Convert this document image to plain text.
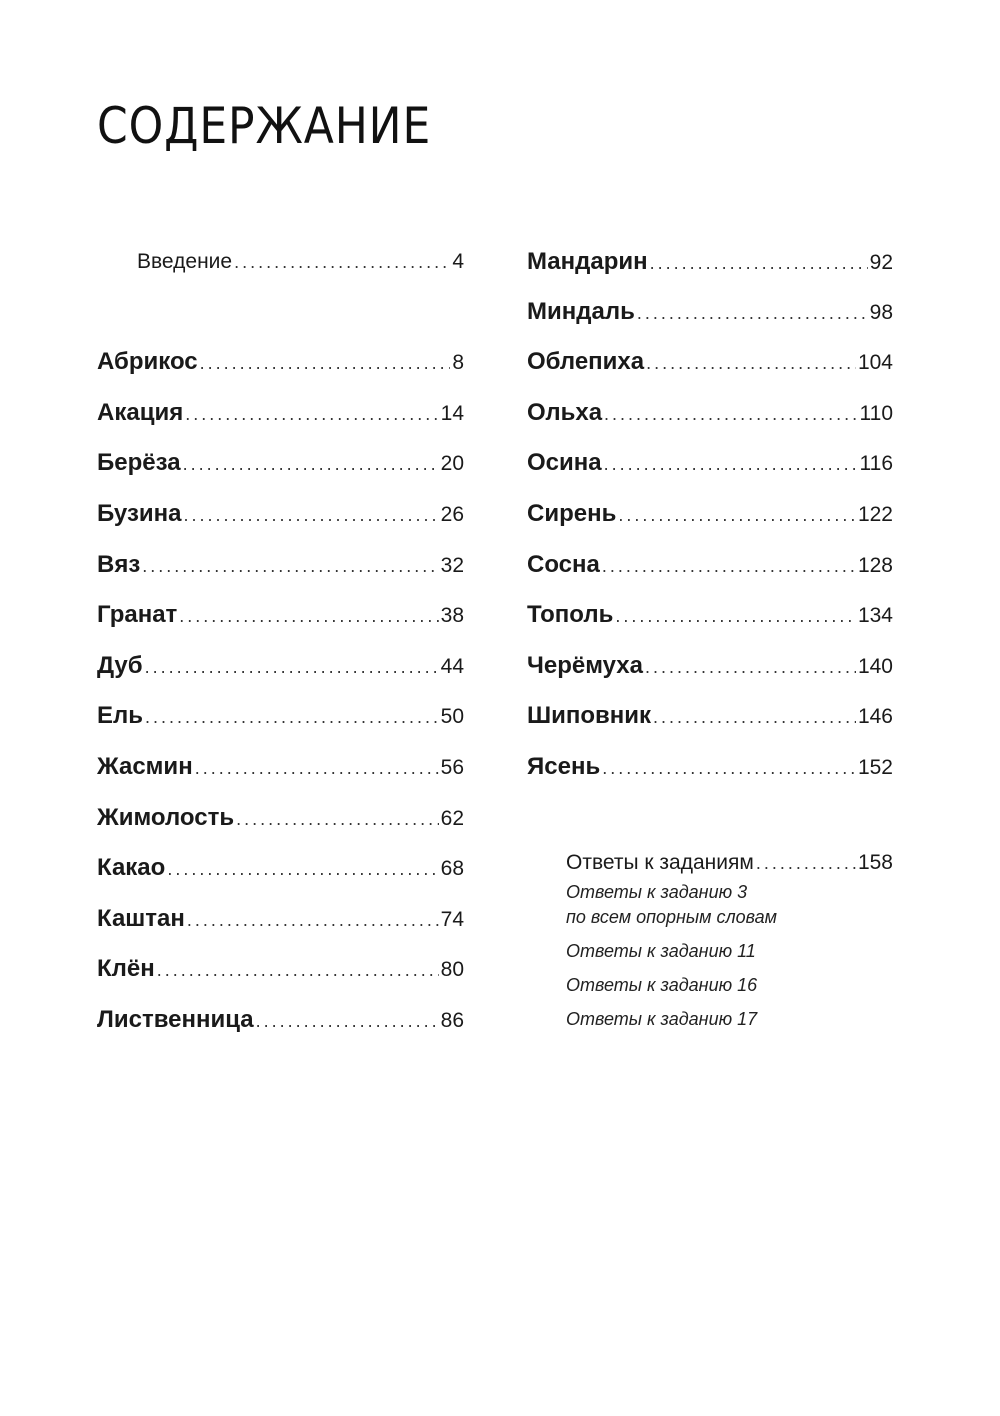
СОДЕРЖАНИЕ
Введение .....	4
Абрикос .....	8
Акация .....	14
Берёза .....	20
Бузина .....	26
Вяз .....	32
Гранат .....	38
Дуб .....	44
Ель .....	50
Жасмин .....	56
Жимолость .....	62
Какао .....	68
Каштан .....	74
Клён .....	80
Лиственница .....	86
Мандарин .....	92
Миндаль .....	98
Облепиха .....	104
Ольха .....	110
Осина .....	116
Сирень .....	122
Сосна .....	128
Тополь .....	134
Черёмуха .....	140
Шиповник .....	146
Ясень .....	152
Ответы к заданиям .....	158
Ответы к заданию 3
по всем опорным словам
Ответы к заданию 11
Ответы к заданию 16
Ответы к заданию 17
